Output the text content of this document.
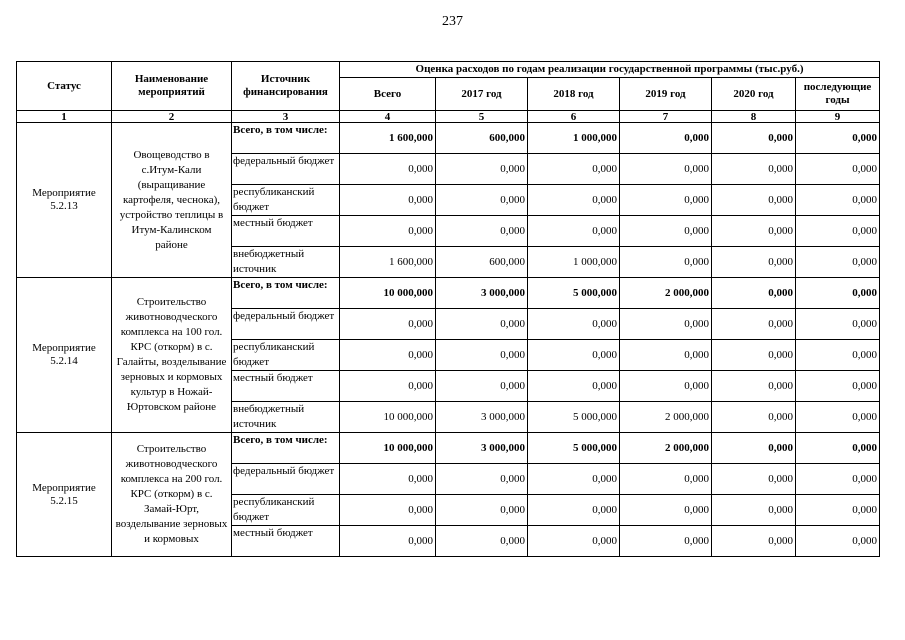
237
Статус	Наименование мероприятий	Источник финансирования	Оценка расходов по годам реализации государственной программы (тыс.руб.)					
			Всего	2017 год	2018 год	2019 год	2020 год	последующие годы
1	2	3	4	5	6	7	8	9
Мероприятие 5.2.13	Овощеводство в с.Итум-Кали (выращивание картофеля, чеснока), устройство теплицы в Итум-Калинском районе	Всего, в том числе:	1 600,000	600,000	1 000,000	0,000	0,000	0,000
		федеральный бюджет	0,000	0,000	0,000	0,000	0,000	0,000
		республиканский бюджет	0,000	0,000	0,000	0,000	0,000	0,000
		местный бюджет	0,000	0,000	0,000	0,000	0,000	0,000
		внебюджетный источник	1 600,000	600,000	1 000,000	0,000	0,000	0,000
Мероприятие 5.2.14	Строительство животноводческого комплекса на 100 гол. КРС (откорм) в с. Галайты, возделывание зерновых и кормовых культур в Ножай-Юртовском районе	Всего, в том числе:	10 000,000	3 000,000	5 000,000	2 000,000	0,000	0,000
		федеральный бюджет	0,000	0,000	0,000	0,000	0,000	0,000
		республиканский бюджет	0,000	0,000	0,000	0,000	0,000	0,000
		местный бюджет	0,000	0,000	0,000	0,000	0,000	0,000
		внебюджетный источник	10 000,000	3 000,000	5 000,000	2 000,000	0,000	0,000
Мероприятие 5.2.15	Строительство животноводческого комплекса на 200 гол. КРС (откорм) в с. Замай-Юрт, возделывание зерновых и кормовых	Всего, в том числе:	10 000,000	3 000,000	5 000,000	2 000,000	0,000	0,000
		федеральный бюджет	0,000	0,000	0,000	0,000	0,000	0,000
		республиканский бюджет	0,000	0,000	0,000	0,000	0,000	0,000
		местный бюджет	0,000	0,000	0,000	0,000	0,000	0,000
